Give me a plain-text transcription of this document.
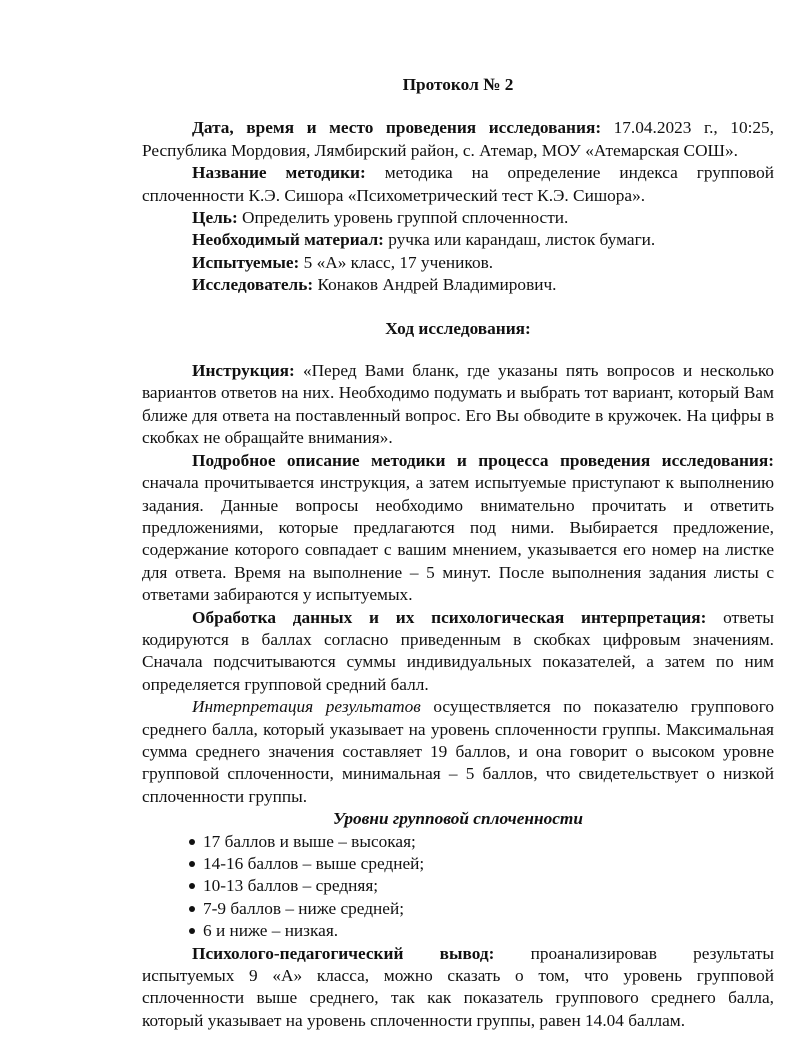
Протокол № 2

Дата, время и место проведения исследования: 17.04.2023 г., 10:25, Республика Мордовия, Лямбирский район, с. Атемар, МОУ «Атемарская СОШ».

Название методики: методика на определение индекса групповой сплоченности К.Э. Сишора «Психометрический тест К.Э. Сишора».

Цель: Определить уровень группой сплоченности.

Необходимый материал: ручка или карандаш, листок бумаги.

Испытуемые: 5 «А» класс, 17 учеников.

Исследователь: Конаков Андрей Владимирович.

Ход исследования:

Инструкция: «Перед Вами бланк, где указаны пять вопросов и несколько вариантов ответов на них. Необходимо подумать и выбрать тот вариант, который Вам ближе для ответа на поставленный вопрос. Его Вы обводите в кружочек. На цифры в скобках не обращайте внимания».

Подробное описание методики и процесса проведения исследования: сначала прочитывается инструкция, а затем испытуемые приступают к выполнению задания. Данные вопросы необходимо внимательно прочитать и ответить предложениями, которые предлагаются под ними. Выбирается предложение, содержание которого совпадает с вашим мнением, указывается его номер на листке для ответа. Время на выполнение – 5 минут. После выполнения задания листы с ответами забираются у испытуемых.

Обработка данных и их психологическая интерпретация: ответы кодируются в баллах согласно приведенным в скобках цифровым значениям. Сначала подсчитываются суммы индивидуальных показателей, а затем по ним определяется групповой средний балл.

Интерпретация результатов осуществляется по показателю группового среднего балла, который указывает на уровень сплоченности группы. Максимальная сумма среднего значения составляет 19 баллов, и она говорит о высоком уровне групповой сплоченности, минимальная – 5 баллов, что свидетельствует о низкой сплоченности группы.

Уровни групповой сплоченности
17 баллов и выше – высокая;
14-16 баллов – выше средней;
10-13 баллов – средняя;
7-9 баллов – ниже средней;
6 и ниже – низкая.

Психолого-педагогический вывод: проанализировав результаты испытуемых 9 «А» класса, можно сказать о том, что уровень групповой сплоченности выше среднего, так как показатель группового среднего балла, который указывает на уровень сплоченности группы, равен 14.04 баллам.
